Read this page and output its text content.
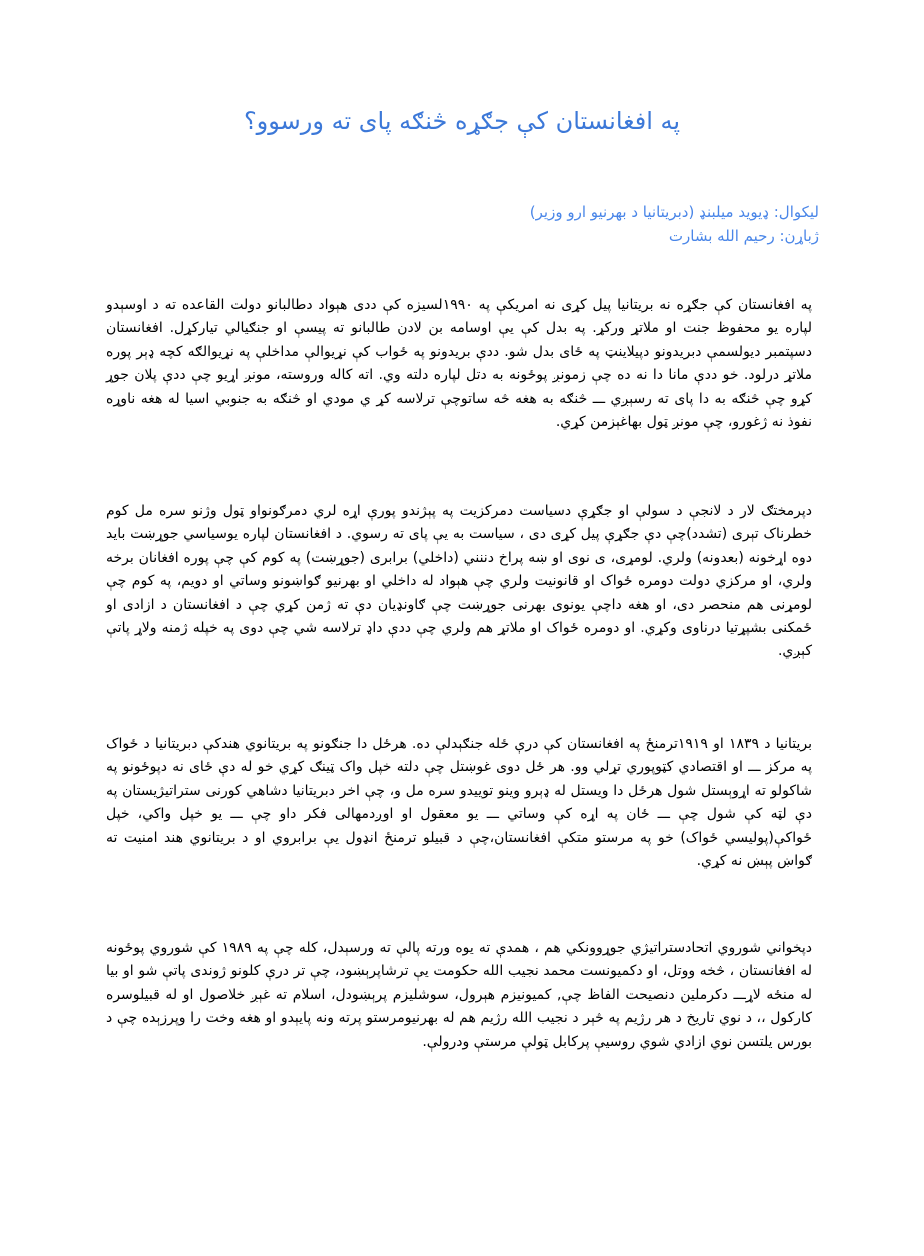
په افغانستان کې جګړه څنګه پای ته ورسوو؟
لیکوال: ډیوید میلبنډ (دبریتانیا د بهرنیو ارو وزیر)
ژباړن: رحیم الله بشارت

په افغانستان کې جګړه نه بریتانیا پیل کړی نه امریکې په ١٩٩٠لسیزه کې ددی هېواد دطالبانو دولت القاعده ته د اوسېدو لپاره یو محفوظ جنت او ملاتړ ورکړ. په بدل کې یې اوسامه بن لادن طالبانو ته پیسې او جنګیالي تیارکړل. افغانستان دسپتمبر دیولسمې دبریدونو دپیلاینټ په ځای بدل شو. ددې بریدونو په ځواب کې نړیوالې مداخلې په نړیوالګه کچه ډېر پوره ملاتړ درلود. خو ددې مانا دا نه ده چې زمونږ پوځونه به دتل لپاره دلته وي. اته کاله وروسته، مونږ اړیو چې ددې پلان جوړ کړو چې څنګه به دا پای ته رسېږي ـــ څنګه به هغه څه ساتوچې ترلاسه کړ ي مودي او څنګه به جنوبي اسیا له هغه ناوړه نفوذ نه ژغورو، چې مونږ ټول بهاغېزمن کړي.

دپرمختګ لار د لانجې د سولې او جګړې دسیاست دمرکزیت په پېژندو پورې اړه لري دمرګونواو ټول وژنو سره مل کوم خطرناک تېرى (تشدد)چې دې جګړې پیل کړی دی ، سیاست به یې پای ته رسوي. د افغانستان لپاره یوسیاسي جوړښت باید دوه اړخونه (بعدونه) ولري. لومړی، ی نوی او ښه پراخ دننني (داخلي) برابری (جوړښت) په کوم کې چې پوره افغانان برخه ولري، او مرکزي دولت دومره ځواک او قانونیت ولري چې هېواد له داخلي او بهرنیو ګواښونو وساتي او دویم، په کوم چې لومړنی هم منحصر دی، او هغه داچې یونوی بهرنی جوړښت چې ګاونډیان دې ته ژمن کړي چې د افغانستان د ازادی او ځمکنی بشپړتیا درناوی وکړي. او دومره ځواک او ملاتړ هم ولري چې ددې داډ ترلاسه شي چې دوی په خپله ژمنه ولاړ پاتې کېږي.

بریتانیا د ١٨٣٩ او ١٩١٩ترمنځ په افغانستان کې درې ځله جنګېدلې ده. هرځل دا جنګونو په بریتانوي هندکې دبریتانیا د ځواک په مرکز ـــ او اقتصادي کټوپوري تړلي وو. هر ځل دوی غوښتل چې دلته خپل واک ټینګ کړي خو له دې ځای نه دپوځونو په شاکولو ته اړوېستل شول هرځل دا ویستل له ډېرو وینو توییدو سره مل و، چې اخر دبریتانیا دشاهي کورنی ستراتیژیستان په دې لټه کې شول چې ـــ ځان په اړه کې وساتي ـــ یو معقول او اوږدمهالی فکر داو چې ـــ یو خپل واکي، خپل ځواکې(پولیسي ځواک) خو په مرستو متکې افغانستان،چې د قبیلو ترمنځ انډول یې برابروي او د بریتانوي هند امنیت ته ګواښ پېښ نه کړي.

دپخواني شوروي اتحادستراتیژي جوړوونکي هم ، همدې ته یوه ورته پالې ته ورسېدل، کله چې په ١٩٨٩ کې شوروي پوځونه له افغانستان ، څخه ووتل، او دکمیونست محمد نجیب الله حکومت یې ترشاپرېښود، چې تر درې کلونو ژوندی پاتې شو او بیا له منځه لاړـــ دکرملین دنصیحت الفاظ چې, کمیونیزم هېرول، سوشلیزم پرېښودل، اسلام ته غېږ خلاصول او له قبیلوسره کارکول ،، د نوي تاریخ د هر رژیم په څېر د نجیب الله رژیم هم له بهرنیومرستو پرته ونه پایېدو او هغه وخت را وپرزېده چې د بورس یلتسن نوي ازادي شوي روسیې پرکابل ټولې مرستې ودرولې.
